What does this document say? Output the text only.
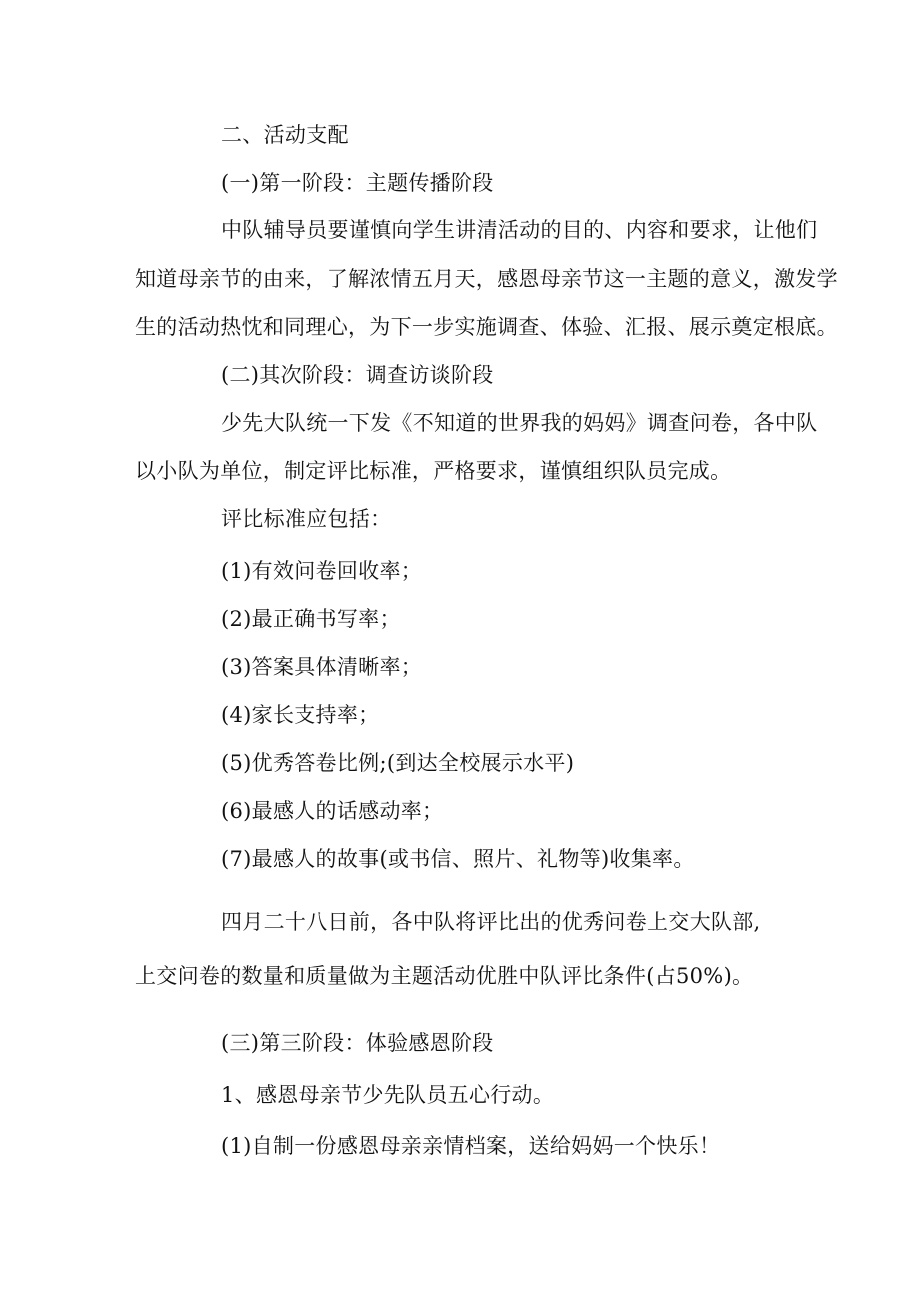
二、活动支配
(一)第一阶段：主题传播阶段
中队辅导员要谨慎向学生讲清活动的目的、内容和要求，让他们
知道母亲节的由来，了解浓情五月天，感恩母亲节这一主题的意义，激发学
生的活动热忱和同理心，为下一步实施调查、体验、汇报、展示奠定根底。
(二)其次阶段：调查访谈阶段
少先大队统一下发《不知道的世界我的妈妈》调查问卷，各中队
以小队为单位，制定评比标准，严格要求，谨慎组织队员完成。
评比标准应包括：
(1)有效问卷回收率；
(2)最正确书写率；
(3)答案具体清晰率；
(4)家长支持率；
(5)优秀答卷比例;(到达全校展示水平)
(6)最感人的话感动率；
(7)最感人的故事(或书信、照片、礼物等)收集率。
四月二十八日前，各中队将评比出的优秀问卷上交大队部,
上交问卷的数量和质量做为主题活动优胜中队评比条件(占50%)。
(三)第三阶段：体验感恩阶段
1、感恩母亲节少先队员五心行动。
(1)自制一份感恩母亲亲情档案，送给妈妈一个快乐！
